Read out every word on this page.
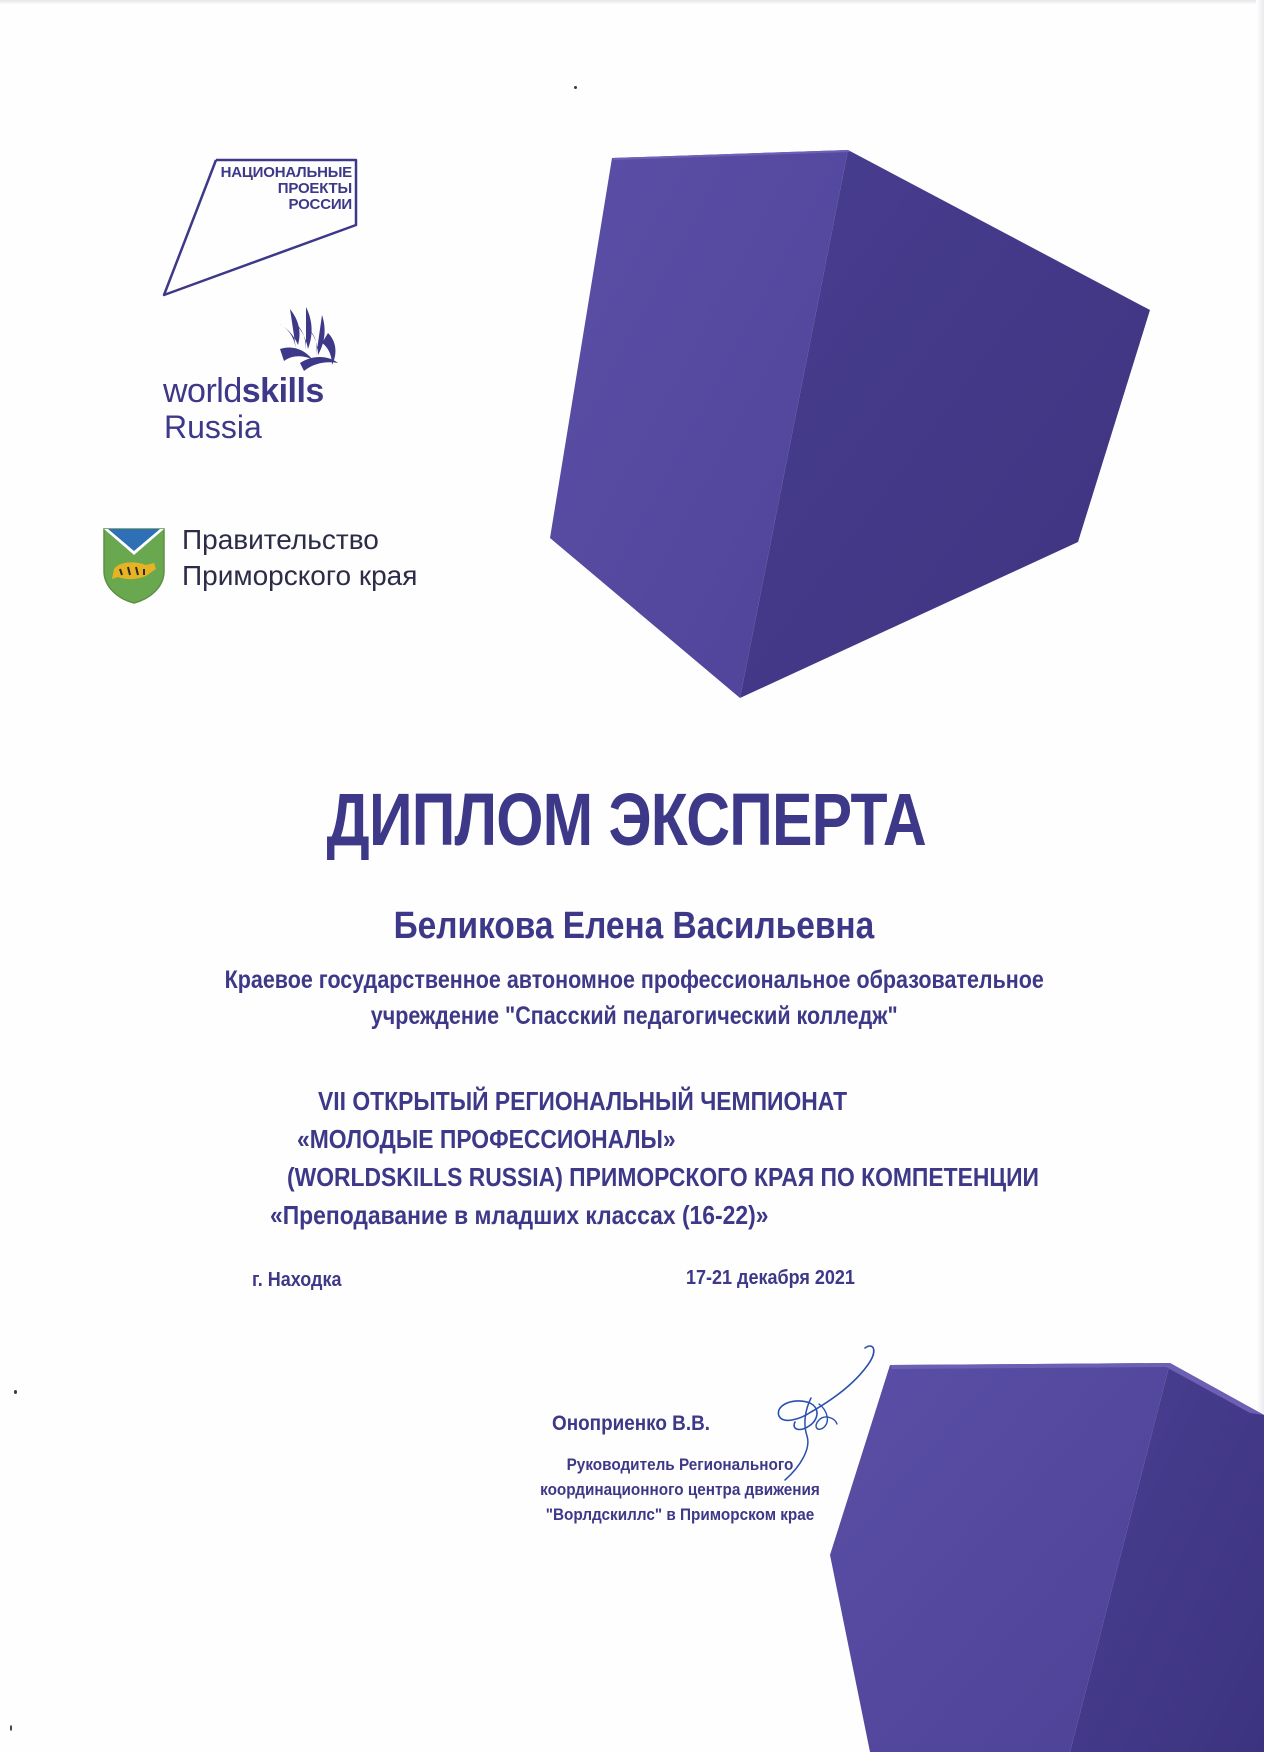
НАЦИОНАЛЬНЫЕ
ПРОЕКТЫ
РОССИИ
worldskills
Russia
Правительство
Приморского края
ДИПЛОМ ЭКСПЕРТА
Беликова Елена Васильевна
Краевое государственное автономное профессиональное образовательное
учреждение "Спасский педагогический колледж"
VII ОТКРЫТЫЙ РЕГИОНАЛЬНЫЙ ЧЕМПИОНАТ
«МОЛОДЫЕ ПРОФЕССИОНАЛЫ»
(WORLDSKILLS RUSSIA) ПРИМОРСКОГО КРАЯ ПО КОМПЕТЕНЦИИ
«Преподавание в младших классах (16-22)»
г. Находка	17-21 декабря 2021
Оноприенко В.В.
Руководитель Регионального
координационного центра движения
"Ворлдскиллс" в Приморском крае
